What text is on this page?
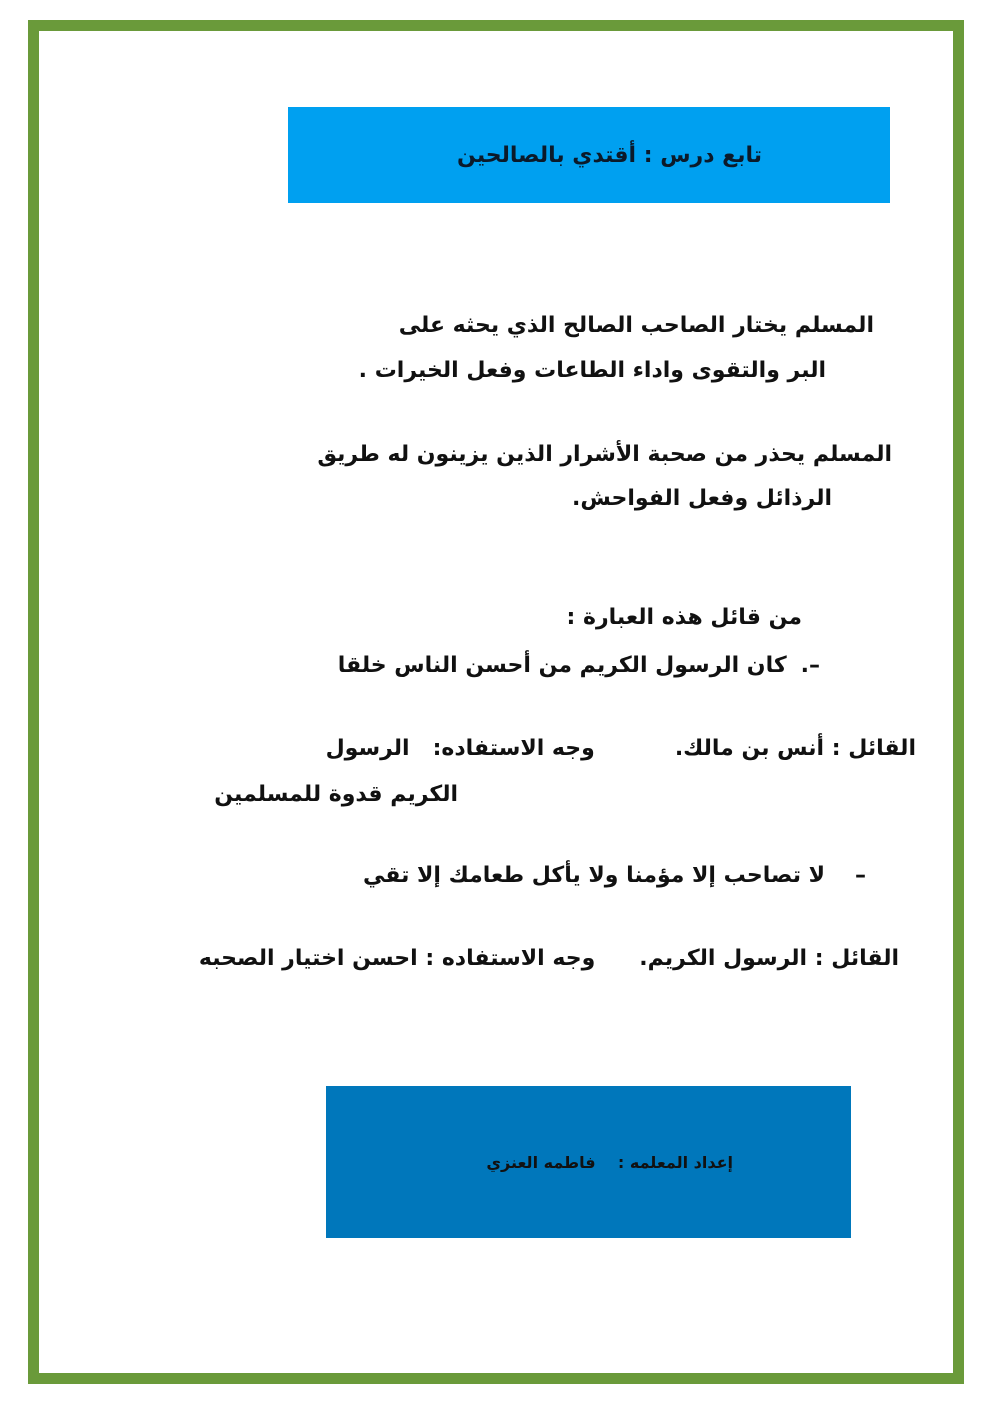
تابع درس : أقتدي بالصالحين
المسلم يختار الصاحب الصالح الذي يحثه على
البر والتقوى واداء الطاعات وفعل الخيرات .
المسلم يحذر من صحبة الأشرار الذين يزينون له طريق
الرذائل وفعل الفواحش.
من قائل هذه العبارة :
–.كان الرسول الكريم من أحسن الناس خلقا
القائل : أنس بن مالك.وجه الاستفاده:   الرسول
الكريم قدوة للمسلمين
–لا تصاحب إلا مؤمنا ولا يأكل طعامك إلا تقي
القائل : الرسول الكريم.وجه الاستفاده : احسن اختيار الصحبه
إعداد المعلمه :    فاطمه العنزي
